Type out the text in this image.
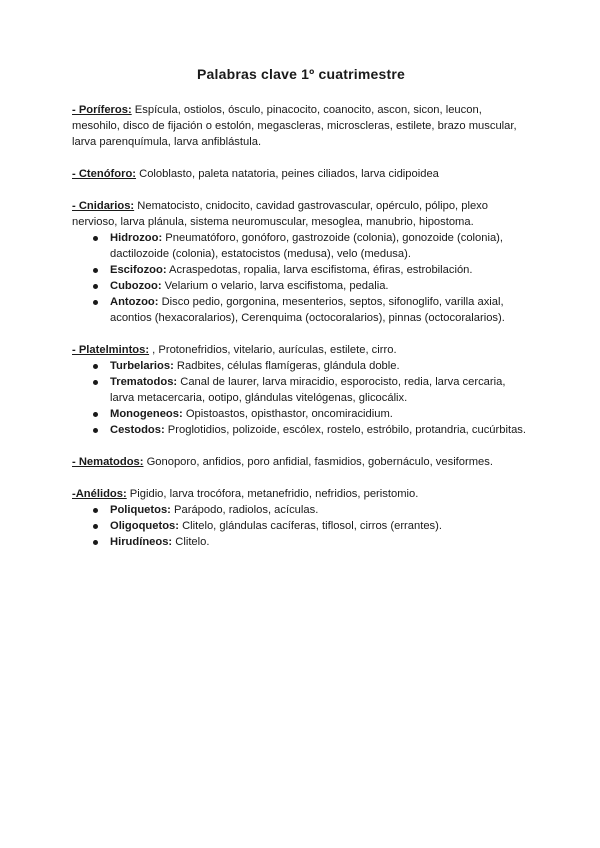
Palabras clave 1º cuatrimestre
- Poríferos: Espícula, ostiolos, ósculo, pinacocito, coanocito, ascon, sicon, leucon, mesohilo, disco de fijación o estolón, megascleras, microscleras, estilete, brazo muscular, larva parenquímula, larva anfiblástula.
- Ctenóforo: Coloblasto, paleta natatoria, peines ciliados, larva cidipoidea
- Cnidarios: Nematocisto, cnidocito, cavidad gastrovascular, opérculo, pólipo, plexo nervioso, larva plánula, sistema neuromuscular, mesoglea, manubrio, hipostoma.
Hidrozoo: Pneumatóforo, gonóforo, gastrozoide (colonia), gonozoide (colonia), dactilozoide (colonia), estatocistos (medusa), velo (medusa).
Escifozoo: Acraspedotas, ropalia, larva escifistoma, éfiras, estrobilación.
Cubozoo: Velarium o velario, larva escifistoma, pedalia.
Antozoo: Disco pedio, gorgonina, mesenterios, septos, sifonoglifo, varilla axial, acontios (hexacoralarios), Cerenquima (octocoralarios), pinnas (octocoralarios).
- Platelmintos: , Protonefridios, vitelario, aurículas, estilete, cirro.
Turbelarios: Radbites, células flamígeras, glándula doble.
Trematodos: Canal de laurer, larva miracidio, esporocisto, redia, larva cercaria, larva metacercaria, ootipo, glándulas vitelógenas, glicocálix.
Monogeneos: Opistoastos, opisthastor, oncomiracidium.
Cestodos: Proglotidios, polizoide, escólex, rostelo, estróbilo, protandria, cucúrbitas.
- Nematodos: Gonoporo, anfidios, poro anfidial, fasmidios, gobernáculo, vesiformes.
-Anélidos: Pigidio, larva trocófora, metanefridio, nefridios, peristomio.
Poliquetos: Parápodo, radiolos, acículas.
Oligoquetos: Clitelo, glándulas cacíferas, tiflosol, cirros (errantes).
Hirudíneos: Clitelo.
